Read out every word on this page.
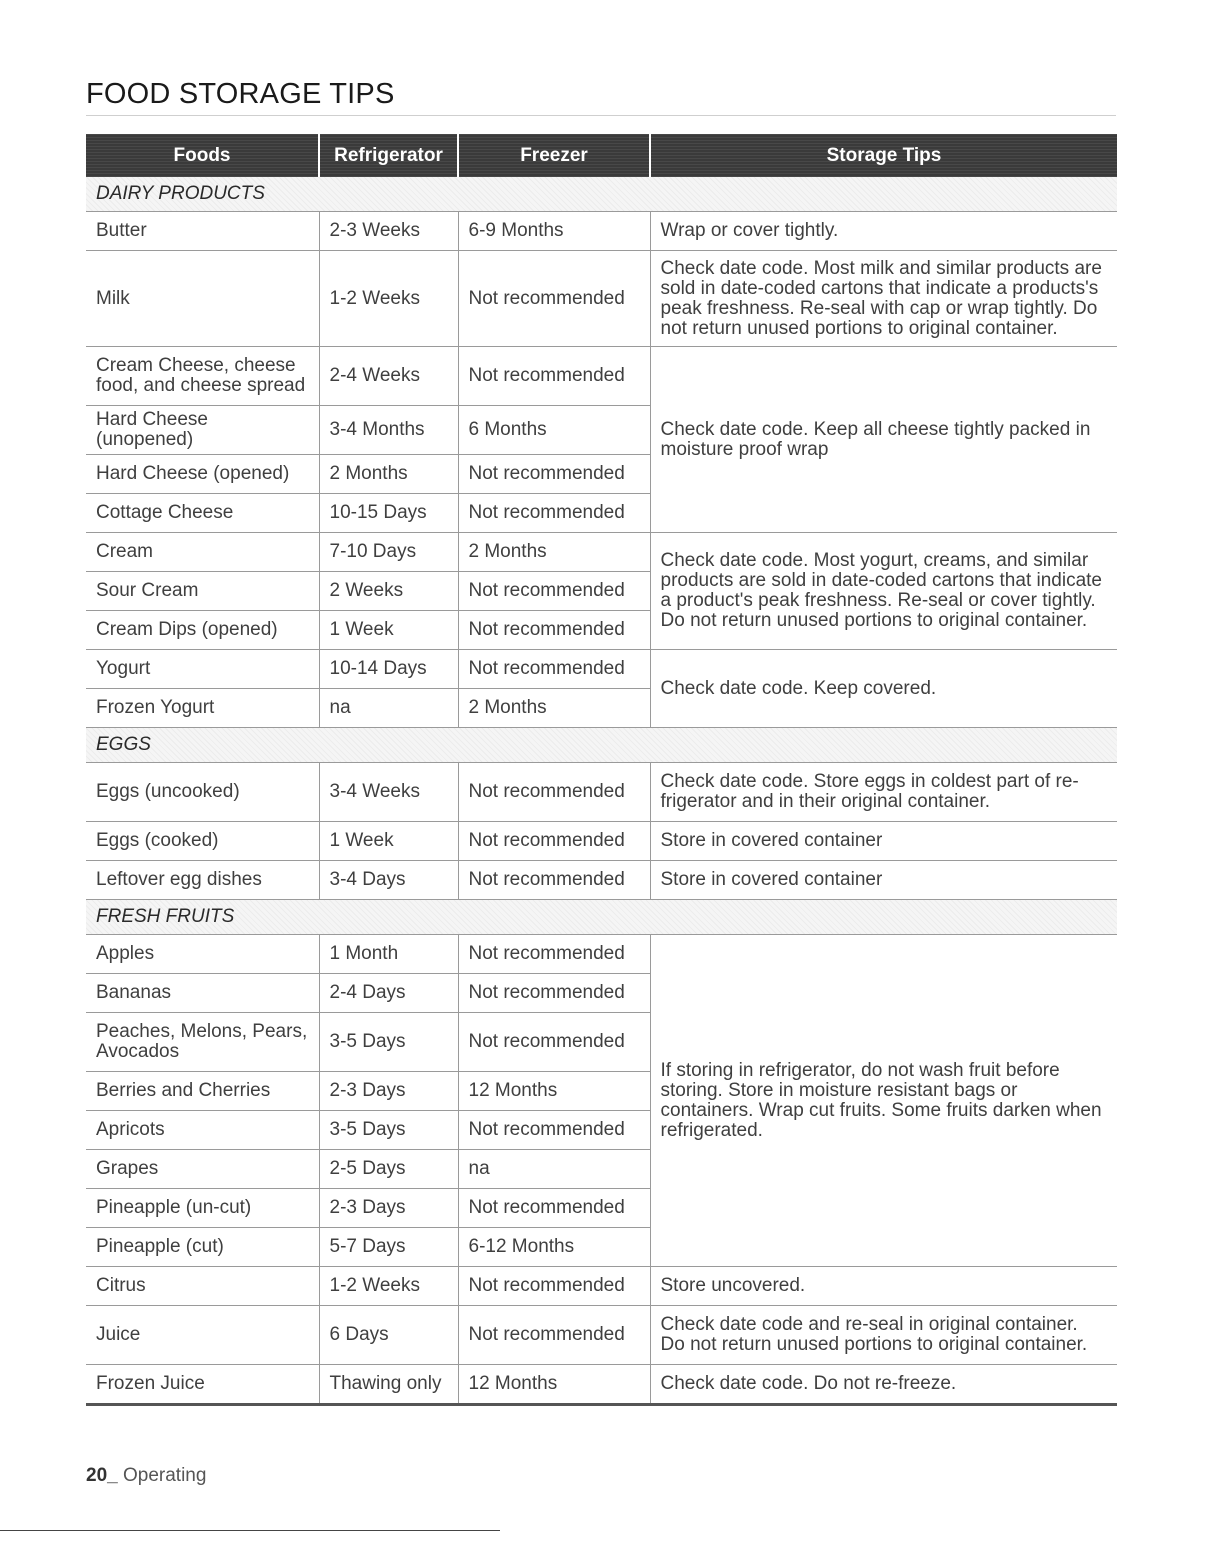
FOOD STORAGE TIPS
Foods	Refrigerator	Freezer	Storage Tips
DAIRY PRODUCTS			
Butter	2-3 Weeks	6-9 Months	Wrap or cover tightly.
Milk	1-2 Weeks	Not recommended	Check date code. Most milk and similar products are sold in date-coded cartons that indicate a products's peak freshness. Re-seal with cap or wrap tightly. Do not return unused portions to original container.
Cream Cheese, cheese food, and cheese spread	2-4 Weeks	Not recommended	Check date code. Keep all cheese tightly packed in moisture proof wrap
Hard Cheese (unopened)	3-4 Months	6 Months	
Hard Cheese (opened)	2 Months	Not recommended	
Cottage Cheese	10-15 Days	Not recommended	
Cream	7-10 Days	2 Months	Check date code. Most yogurt, creams, and similar products are sold in date-coded cartons that indicate a product's peak freshness. Re-seal or cover tightly. Do not return unused portions to original container.
Sour Cream	2 Weeks	Not recommended	
Cream Dips (opened)	1 Week	Not recommended	
Yogurt	10-14 Days	Not recommended	Check date code. Keep covered.
Frozen Yogurt	na	2 Months	
EGGS			
Eggs (uncooked)	3-4 Weeks	Not recommended	Check date code. Store eggs in coldest part of re-frigerator and in their original container.
Eggs (cooked)	1 Week	Not recommended	Store in covered container
Leftover egg dishes	3-4 Days	Not recommended	Store in covered container
FRESH FRUITS			
Apples	1 Month	Not recommended	If storing in refrigerator, do not wash fruit before storing. Store in moisture resistant bags or containers. Wrap cut fruits. Some fruits darken when refrigerated.
Bananas	2-4 Days	Not recommended	
Peaches, Melons, Pears, Avocados	3-5 Days	Not recommended	
Berries and Cherries	2-3 Days	12 Months	
Apricots	3-5 Days	Not recommended	
Grapes	2-5 Days	na	
Pineapple (un-cut)	2-3 Days	Not recommended	
Pineapple (cut)	5-7 Days	6-12 Months	
Citrus	1-2 Weeks	Not recommended	Store uncovered.
Juice	6 Days	Not recommended	Check date code and re-seal in original container. Do not return unused portions to original container.
Frozen Juice	Thawing only	12 Months	Check date code. Do not re-freeze.
20_ Operating
